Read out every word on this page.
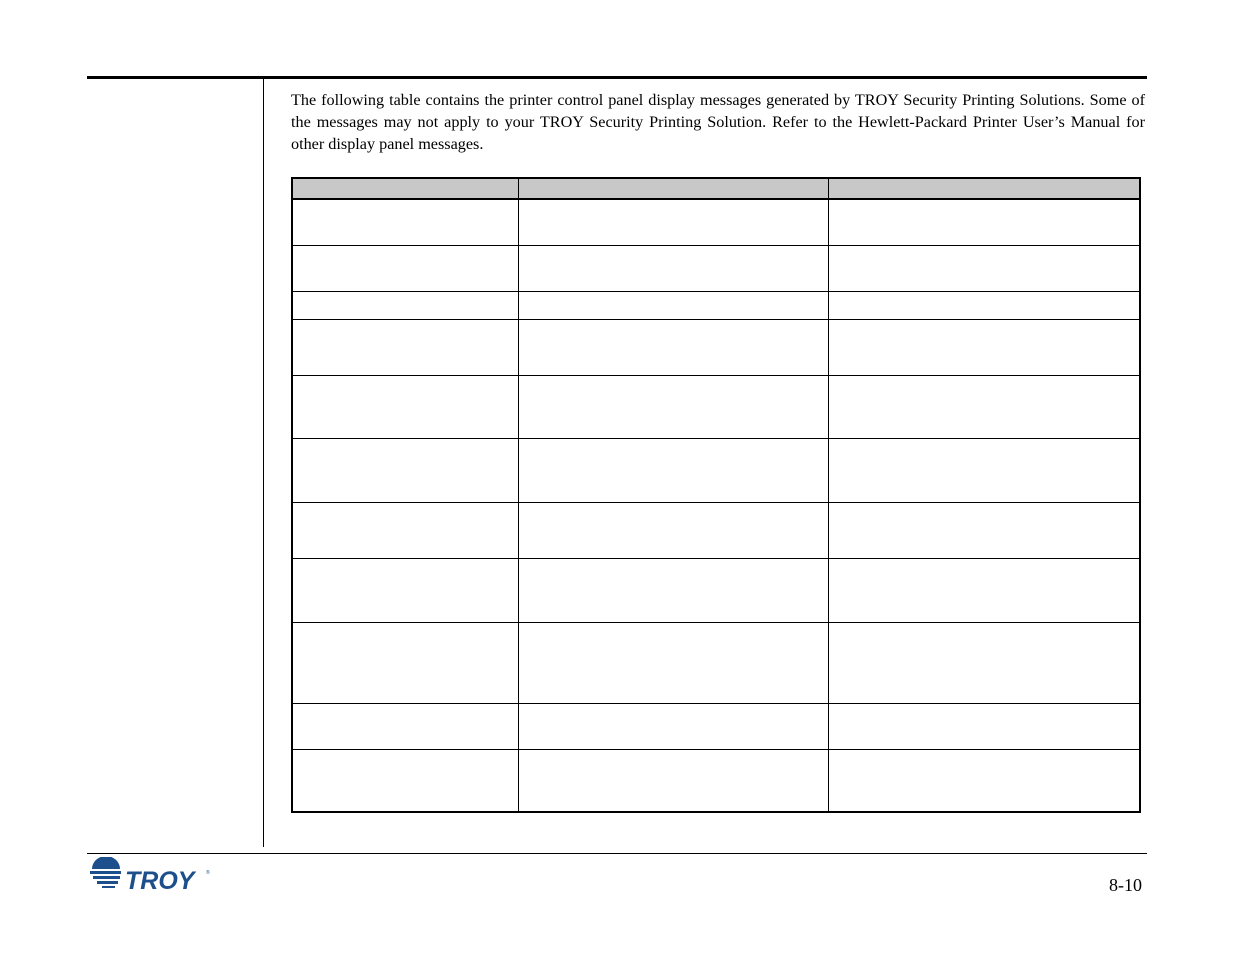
The following table contains the printer control panel display messages generated by TROY Security Printing Solutions. Some of the messages may not apply to your TROY Security Printing Solution. Refer to the Hewlett-Packard Printer User’s Manual for other display panel messages.

TROY	®
8-10
